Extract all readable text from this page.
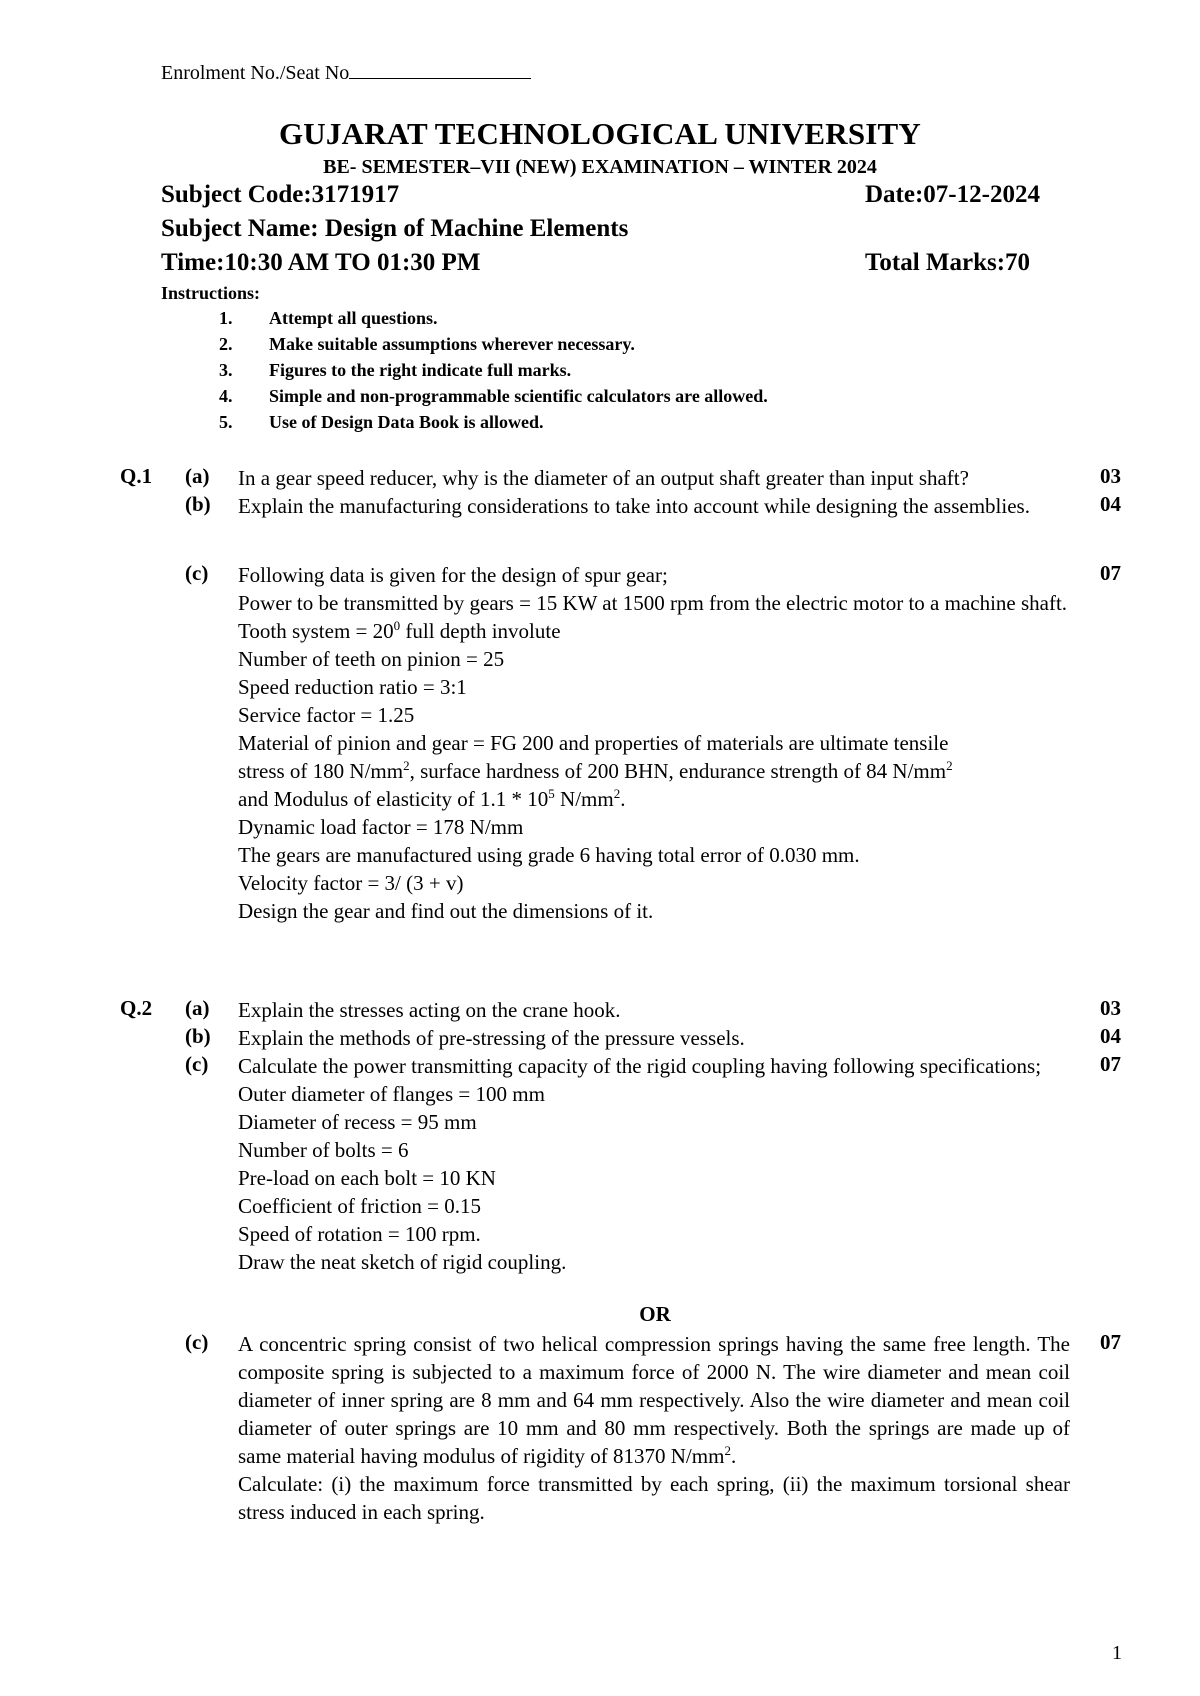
Enrolment No./Seat No
GUJARAT TECHNOLOGICAL UNIVERSITY
BE- SEMESTER–VII (NEW) EXAMINATION – WINTER 2024
Subject Code:3171917	Date:07-12-2024
Subject Name: Design of Machine Elements
Time:10:30 AM TO 01:30 PM	Total Marks:70
Instructions:
1.	Attempt all questions.
2.	Make suitable assumptions wherever necessary.
3.	Figures to the right indicate full marks.
4.	Simple and non-programmable scientific calculators are allowed.
5.	Use of Design Data Book is allowed.
Q.1 (a) In a gear speed reducer, why is the diameter of an output shaft greater than input shaft?	03
(b) Explain the manufacturing considerations to take into account while designing the assemblies.	04
(c)	07
Following data is given for the design of spur gear;
Power to be transmitted by gears = 15 KW at 1500 rpm from the electric motor to a machine shaft.
Tooth system = $20^0$ full depth involute
Number of teeth on pinion = 25
Speed reduction ratio = 3:1
Service factor = 1.25
Material of pinion and gear = FG 200 and properties of materials are ultimate tensile
stress of 180 $N/mm^2$, surface hardness of 200 BHN, endurance strength of 84 $N/mm^2$
and Modulus of elasticity of $1.1 * 10^5$ $N/mm^2$.
Dynamic load factor = 178 N/mm
The gears are manufactured using grade 6 having total error of 0.030 mm.
Velocity factor = 3/ (3 + v)
Design the gear and find out the dimensions of it.
Q.2 (a) Explain the stresses acting on the crane hook.	03
(b) Explain the methods of pre-stressing of the pressure vessels.	04
(c)	07
Calculate the power transmitting capacity of the rigid coupling having following specifications;
Outer diameter of flanges = 100 mm
Diameter of recess = 95 mm
Number of bolts = 6
Pre-load on each bolt = 10 KN
Coefficient of friction = 0.15
Speed of rotation = 100 rpm.
Draw the neat sketch of rigid coupling.
OR
(c)	07
A concentric spring consist of two helical compression springs having the same free length. The composite spring is subjected to a maximum force of 2000 N. The wire diameter and mean coil diameter of inner spring are 8 mm and 64 mm respectively. Also the wire diameter and mean coil diameter of outer springs are 10 mm and 80 mm respectively. Both the springs are made up of same material having modulus of rigidity of 81370 $N/mm^2$.
Calculate: (i) the maximum force transmitted by each spring, (ii) the maximum torsional shear stress induced in each spring.
1
